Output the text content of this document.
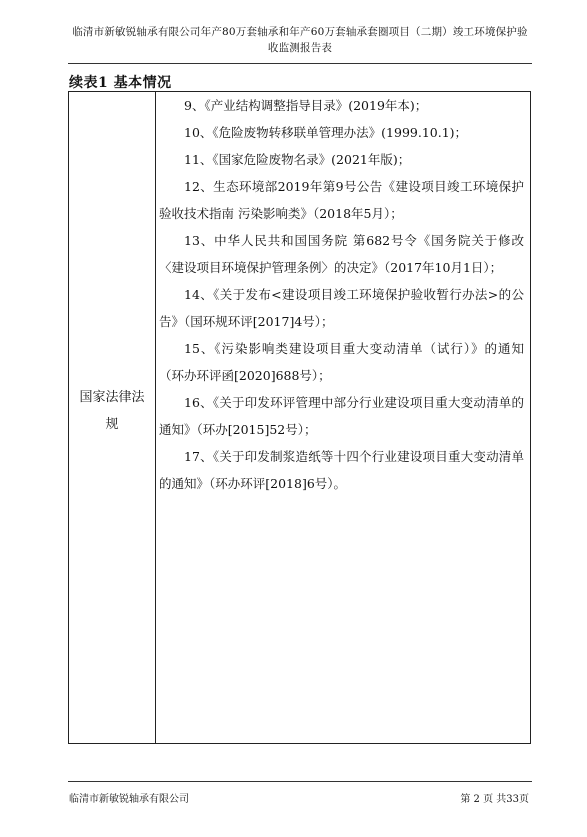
临清市新敏锐轴承有限公司年产80万套轴承和年产60万套轴承套圈项目（二期）竣工环境保护验
收监测报告表
续表1 基本情况
国家法律法
规

9、《产业结构调整指导目录》(2019年本)；

10、《危险废物转移联单管理办法》(1999.10.1)；

11、《国家危险废物名录》(2021年版)；

12、生态环境部2019年第9号公告《建设项目竣工环境保护验收技术指南 污染影响类》（2018年5月）；

13、中华人民共和国国务院 第682号令《国务院关于修改〈建设项目环境保护管理条例〉的决定》（2017年10月1日）；

14、《关于发布<建设项目竣工环境保护验收暂行办法>的公告》（国环规环评[2017]4号）；

15、《污染影响类建设项目重大变动清单（试行）》的通知（环办环评函[2020]688号）；

16、《关于印发环评管理中部分行业建设项目重大变动清单的通知》（环办[2015]52号）；

17、《关于印发制浆造纸等十四个行业建设项目重大变动清单的通知》（环办环评[2018]6号）。

临清市新敏锐轴承有限公司	第 2 页 共33页
